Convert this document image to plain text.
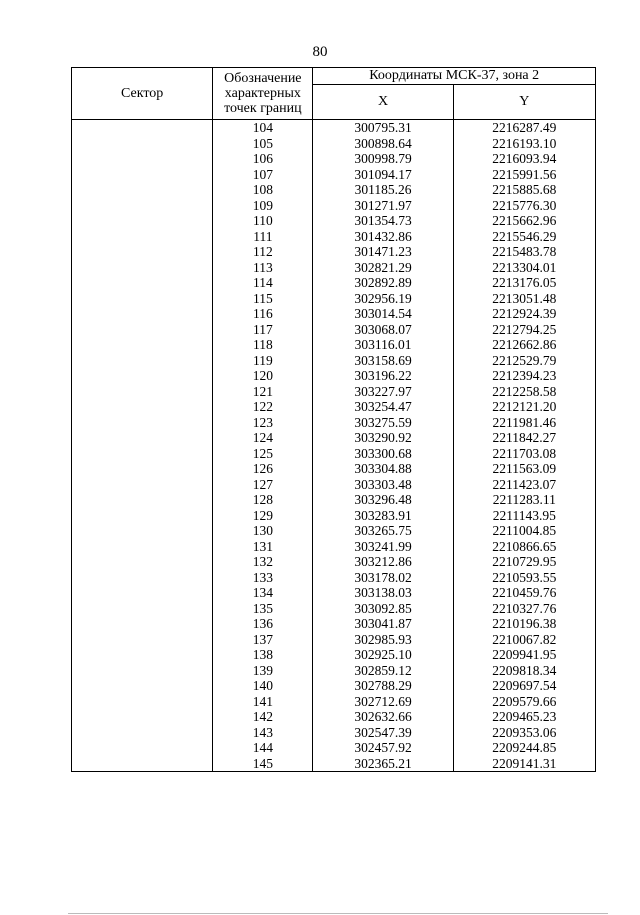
80
Сектор	Обозначение
характерных
точек границ	Координаты МСК-37, зона 2	
		X	Y
	104	300795.31	2216287.49
	105	300898.64	2216193.10
	106	300998.79	2216093.94
	107	301094.17	2215991.56
	108	301185.26	2215885.68
	109	301271.97	2215776.30
	110	301354.73	2215662.96
	111	301432.86	2215546.29
	112	301471.23	2215483.78
	113	302821.29	2213304.01
	114	302892.89	2213176.05
	115	302956.19	2213051.48
	116	303014.54	2212924.39
	117	303068.07	2212794.25
	118	303116.01	2212662.86
	119	303158.69	2212529.79
	120	303196.22	2212394.23
	121	303227.97	2212258.58
	122	303254.47	2212121.20
	123	303275.59	2211981.46
	124	303290.92	2211842.27
	125	303300.68	2211703.08
	126	303304.88	2211563.09
	127	303303.48	2211423.07
	128	303296.48	2211283.11
	129	303283.91	2211143.95
	130	303265.75	2211004.85
	131	303241.99	2210866.65
	132	303212.86	2210729.95
	133	303178.02	2210593.55
	134	303138.03	2210459.76
	135	303092.85	2210327.76
	136	303041.87	2210196.38
	137	302985.93	2210067.82
	138	302925.10	2209941.95
	139	302859.12	2209818.34
	140	302788.29	2209697.54
	141	302712.69	2209579.66
	142	302632.66	2209465.23
	143	302547.39	2209353.06
	144	302457.92	2209244.85
	145	302365.21	2209141.31
